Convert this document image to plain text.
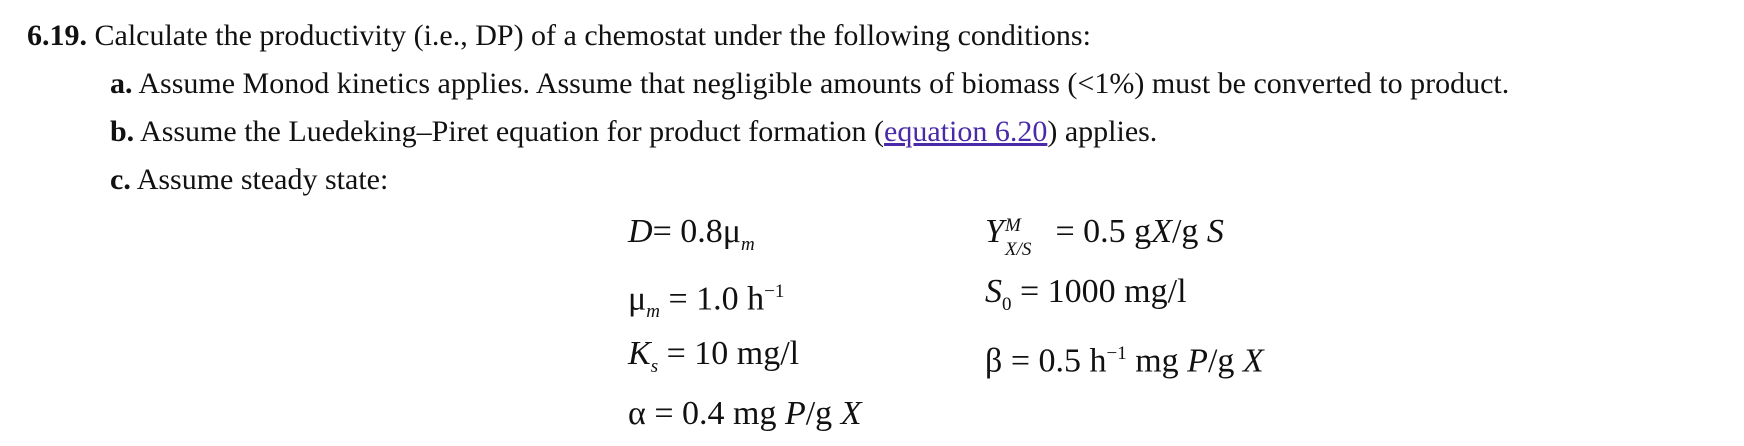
6.19. Calculate the productivity (i.e., DP) of a chemostat under the following conditions:
a. Assume Monod kinetics applies. Assume that negligible amounts of biomass (<1%) must be converted to product.
b. Assume the Luedeking–Piret equation for product formation (equation 6.20) applies.
c. Assume steady state:
$D= 0.8\mu_m$
$\mu_m = 1.0$ $h^{-1}$
$K_s = 10$ mg/l
α = 0.4 mg P/g X
Y M
X/S = 0.5 gX/g S
$S_0 = 1000$ mg/l
β = 0.5 $h^{-1}$ mg P/g X
